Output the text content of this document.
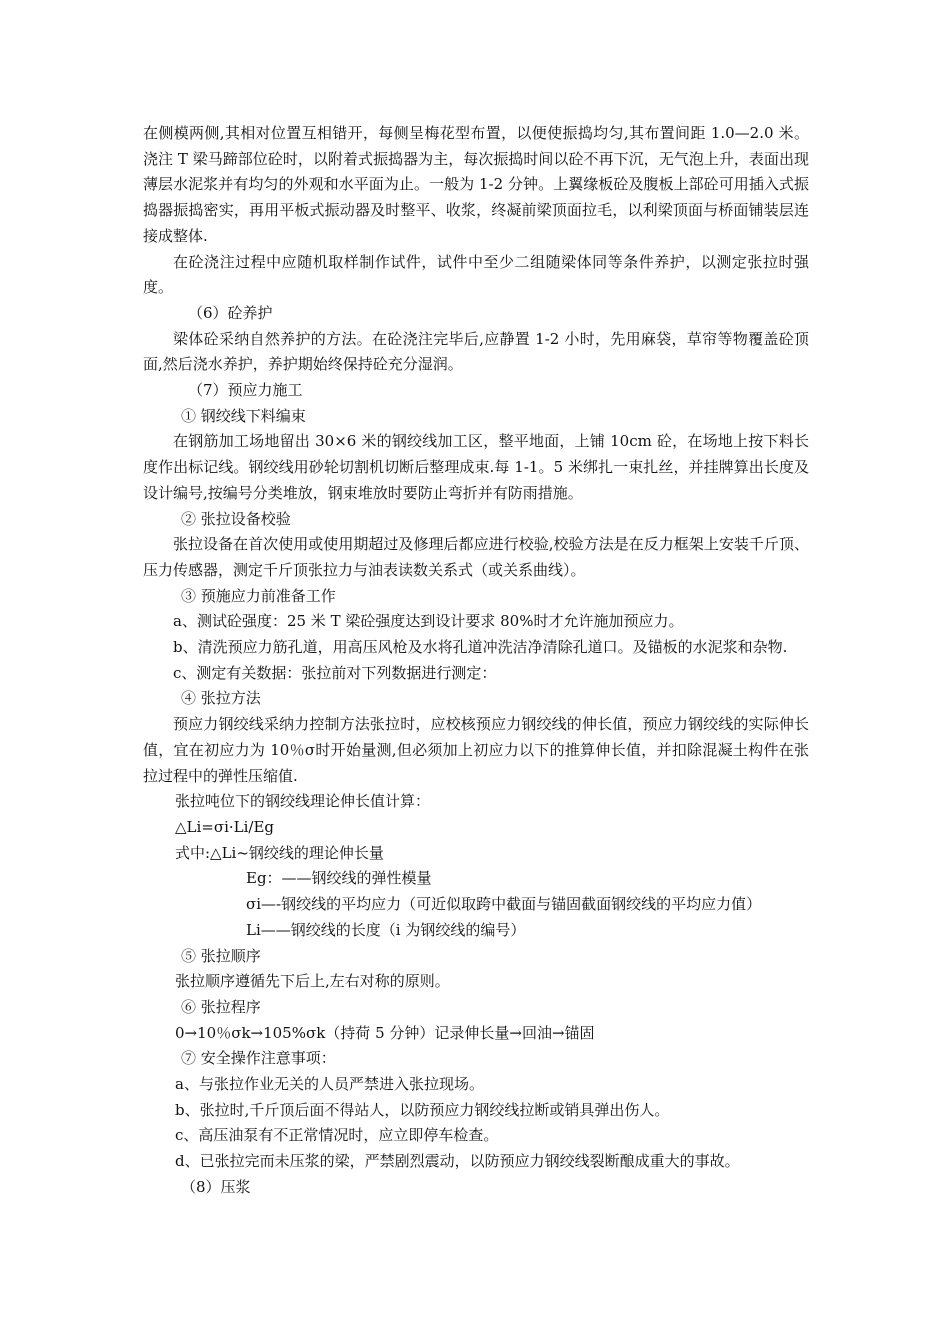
在侧模两侧,其相对位置互相错开，每侧呈梅花型布置，以便使振捣均匀,其布置间距 1.0—2.0 米。浇注 T 梁马蹄部位砼时，以附着式振捣器为主，每次振捣时间以砼不再下沉，无气泡上升，表面出现薄层水泥浆并有均匀的外观和水平面为止。一般为 1-2 分钟。上翼缘板砼及腹板上部砼可用插入式振捣器振捣密实，再用平板式振动器及时整平、收浆，终凝前梁顶面拉毛，以利梁顶面与桥面铺装层连接成整体.

在砼浇注过程中应随机取样制作试件，试件中至少二组随梁体同等条件养护，以测定张拉时强度。

（6）砼养护

梁体砼采纳自然养护的方法。在砼浇注完毕后,应静置 1-2 小时，先用麻袋，草帘等物覆盖砼顶面,然后浇水养护，养护期始终保持砼充分湿润。

（7）预应力施工

① 钢绞线下料编束

在钢筋加工场地留出 30×6 米的钢绞线加工区，整平地面，上铺 10cm 砼，在场地上按下料长度作出标记线。钢绞线用砂轮切割机切断后整理成束.每 1-1。5 米绑扎一束扎丝，并挂牌算出长度及设计编号,按编号分类堆放，钢束堆放时要防止弯折并有防雨措施。

② 张拉设备校验

张拉设备在首次使用或使用期超过及修理后都应进行校验,校验方法是在反力框架上安装千斤顶、压力传感器，测定千斤顶张拉力与油表读数关系式（或关系曲线）。

③ 预施应力前准备工作

a、测试砼强度：25 米 T 梁砼强度达到设计要求 80%时才允许施加预应力。

b、清洗预应力筋孔道，用高压风枪及水将孔道冲洗洁净清除孔道口。及锚板的水泥浆和杂物.

c、测定有关数据：张拉前对下列数据进行测定：

④ 张拉方法

预应力钢绞线采纳力控制方法张拉时，应校核预应力钢绞线的伸长值，预应力钢绞线的实际伸长值，宜在初应力为 10％σ时开始量测,但必须加上初应力以下的推算伸长值，并扣除混凝土构件在张拉过程中的弹性压缩值.

张拉吨位下的钢绞线理论伸长值计算：

△Li=σi·Li/Eg

式中:△Li~钢绞线的理论伸长量

Eg：——钢绞线的弹性模量

σi—-钢绞线的平均应力（可近似取跨中截面与锚固截面钢绞线的平均应力值）

Li——钢绞线的长度（i 为钢绞线的编号）

⑤ 张拉顺序

张拉顺序遵循先下后上,左右对称的原则。

⑥ 张拉程序

0→10％σk→105%σk（持荷 5 分钟）记录伸长量→回油→锚固

⑦ 安全操作注意事项：

a、与张拉作业无关的人员严禁进入张拉现场。

b、张拉时,千斤顶后面不得站人，以防预应力钢绞线拉断或销具弹出伤人。

c、高压油泵有不正常情况时，应立即停车检查。

d、已张拉完而未压浆的梁，严禁剧烈震动，以防预应力钢绞线裂断酿成重大的事故。

（8）压浆
